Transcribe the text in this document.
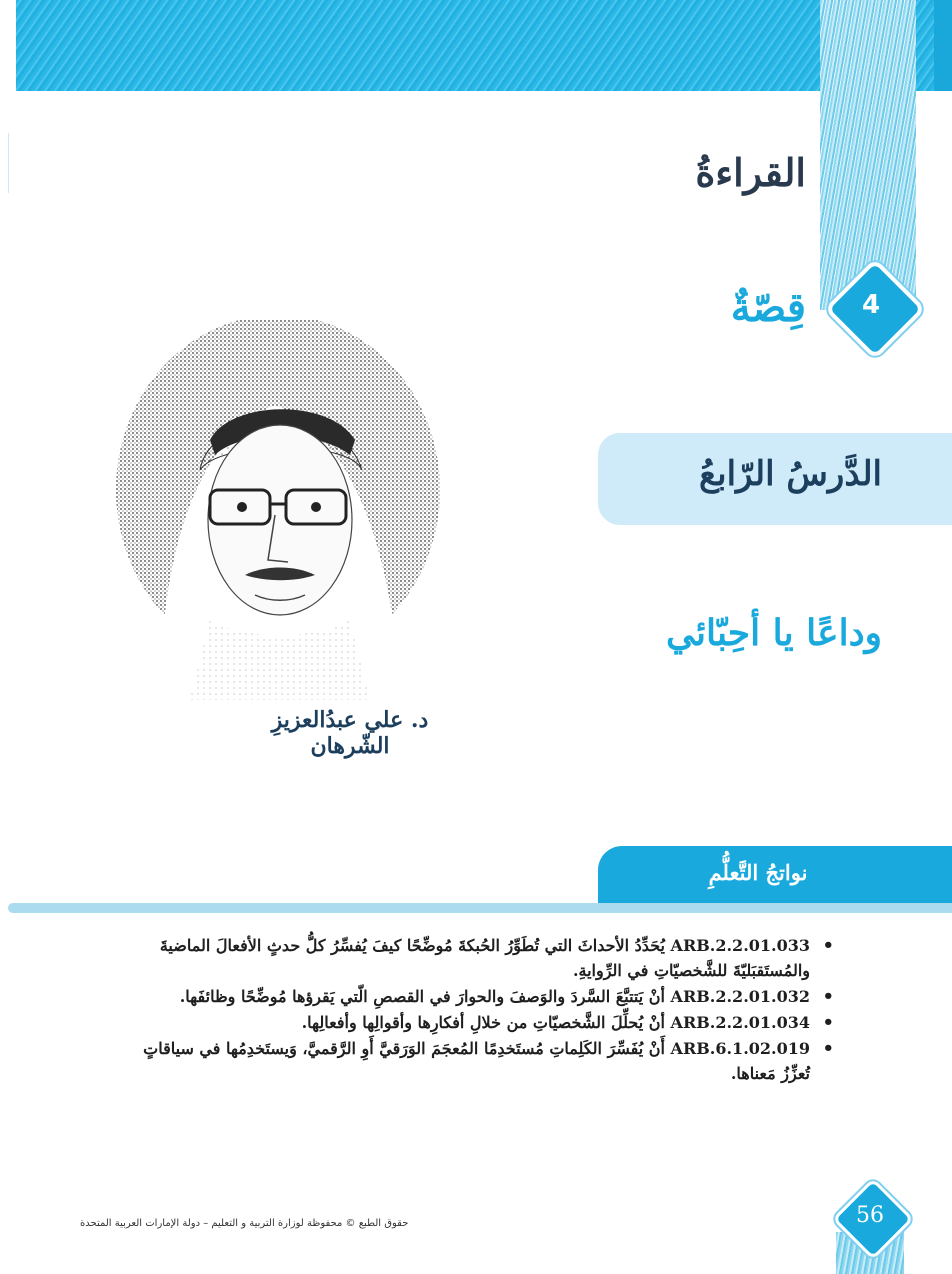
القراءةُ
4
قِصّةٌ
د. علي عبدُالعزيزِ الشّرهان
الدَّرسُ الرّابعُ
وداعًا يا أحِبّائي
نواتجُ التَّعلُّمِ
• ARB.2.2.01.033 يُحَدِّدُ الأحداثَ التي تُطَوِّرُ الحُبكةَ مُوضِّحًا كيفَ يُفسِّرُ كلُّ حدثٍ الأفعالَ الماضيةَ والمُستَقبَليّةَ للشَّخصيّاتِ في الرِّوايةِ.
• ARB.2.2.01.032 أنْ يَتتبَّعَ السَّردَ والوَصفَ والحوارَ في القصصِ الّتي يَقرؤها مُوضِّحًا وظائفَها.
• ARB.2.2.01.034 أنْ يُحلِّلَ الشَّخصيّاتِ من خلالِ أفكارِها وأقوالِها وأفعالِها.
• ARB.6.1.02.019 أَنْ يُفَسِّرَ الكَلِماتِ مُستَخدِمًا المُعجَمَ الوَرَقيَّ أَوِ الرَّقميَّ، وَيستَخدِمُها في سياقاتٍ تُعزِّزُ مَعناها.
56
حقوق الطبع © محفوظة لوزارة التربية و التعليم – دولة الإمارات العربية المتحدة
